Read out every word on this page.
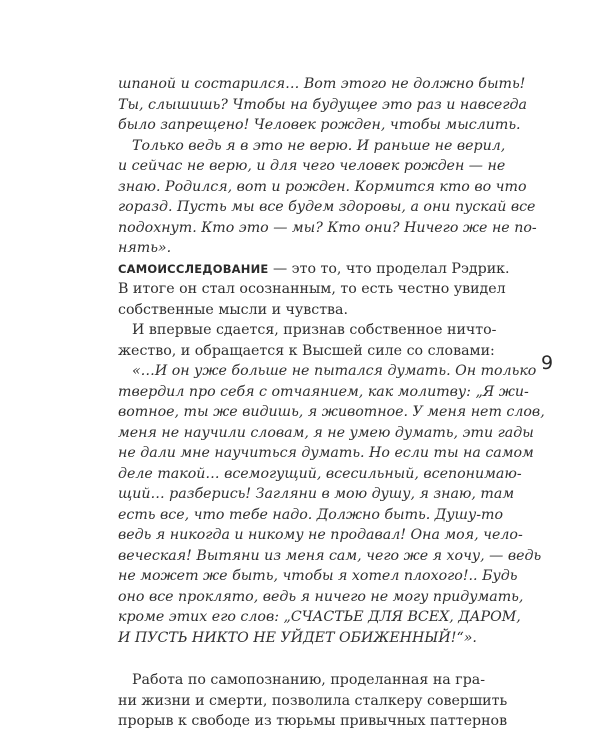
шпаной и состарился… Вот этого не должно быть!
Ты, слышишь? Чтобы на будущее это раз и навсегда
было запрещено! Человек рожден, чтобы мыслить.
Только ведь я в это не верю. И раньше не верил,
и сейчас не верю, и для чего человек рожден — не
знаю. Родился, вот и рожден. Кормится кто во что
горазд. Пусть мы все будем здоровы, а они пускай все
подохнут. Кто это — мы? Кто они? Ничего же не по-
нять».
САМОИССЛЕДОВАНИЕ — это то, что проделал Рэдрик.
В итоге он стал осознанным, то есть честно увидел
собственные мысли и чувства.
И впервые сдается, признав собственное ничто-
жество, и обращается к Высшей силе со словами:
«…И он уже больше не пытался думать. Он только
твердил про себя с отчаянием, как молитву: „Я жи-
вотное, ты же видишь, я животное. У меня нет слов,
меня не научили словам, я не умею думать, эти гады
не дали мне научиться думать. Но если ты на самом
деле такой… всемогущий, всесильный, всепонимаю-
щий… разберись! Загляни в мою душу, я знаю, там
есть все, что тебе надо. Должно быть. Душу-то
ведь я никогда и никому не продавал! Она моя, чело-
веческая! Вытяни из меня сам, чего же я хочу, — ведь
не может же быть, чтобы я хотел плохого!.. Будь
оно все проклято, ведь я ничего не могу придумать,
кроме этих его слов: „СЧАСТЬЕ ДЛЯ ВСЕХ, ДАРОМ,
И ПУСТЬ НИКТО НЕ УЙДЕТ ОБИЖЕННЫЙ!“».
Работа по самопознанию, проделанная на гра-
ни жизни и смерти, позволила сталкеру совершить
прорыв к свободе из тюрьмы привычных паттернов
9
